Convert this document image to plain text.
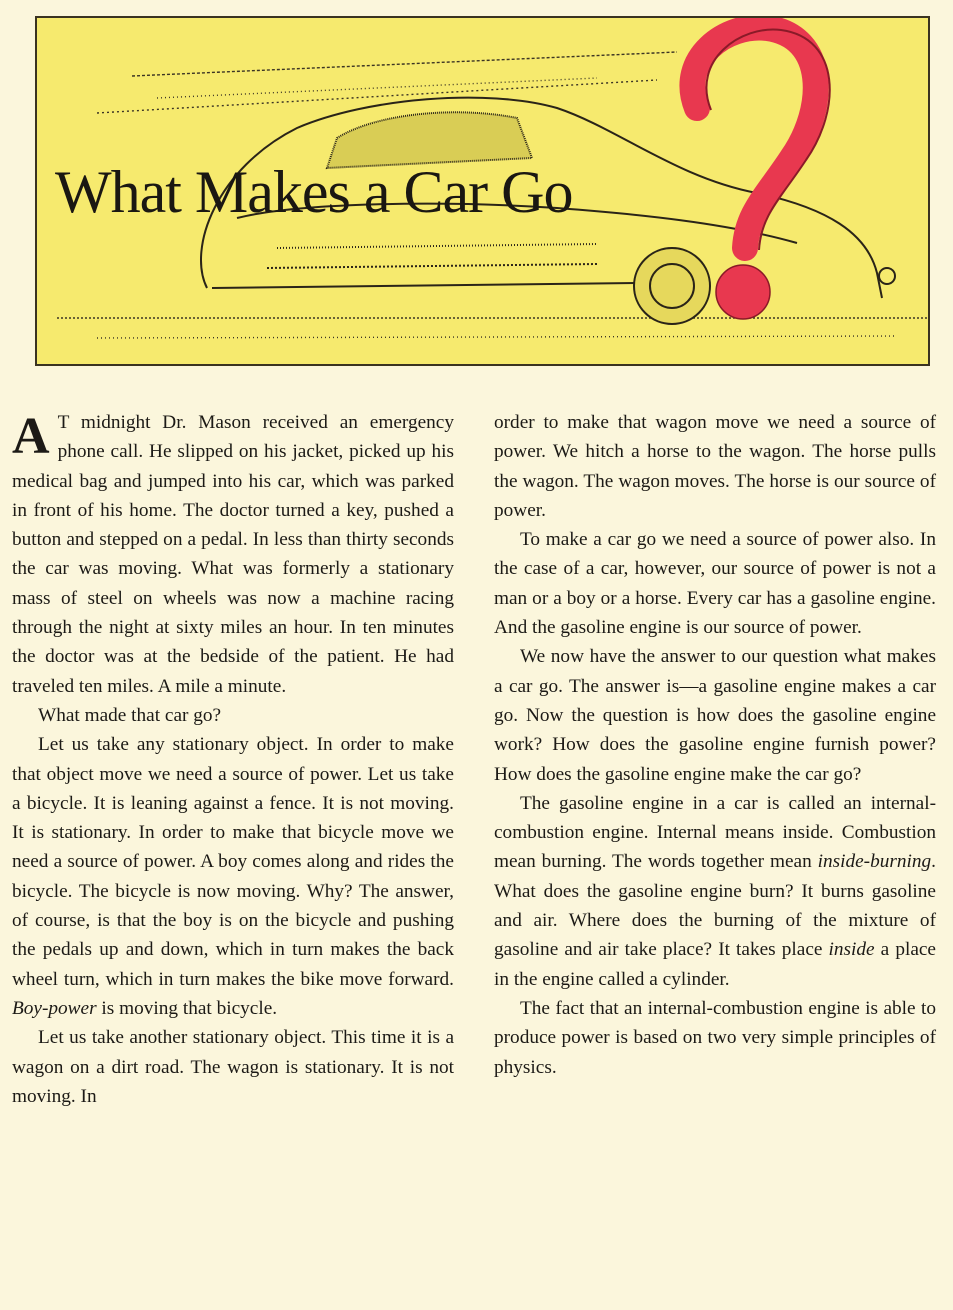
What Makes a Car Go

A T midnight Dr. Mason received an emergency phone call. He slipped on his jacket, picked up his medical bag and jumped into his car, which was parked in front of his home. The doctor turned a key, pushed a button and stepped on a pedal. In less than thirty seconds the car was moving. What was formerly a stationary mass of steel on wheels was now a machine racing through the night at sixty miles an hour. In ten minutes the doctor was at the bedside of the patient. He had traveled ten miles. A mile a minute.

What made that car go?

Let us take any stationary object. In order to make that object move we need a source of power. Let us take a bicycle. It is leaning against a fence. It is not moving. It is stationary. In order to make that bicycle move we need a source of power. A boy comes along and rides the bicycle. The bicycle is now moving. Why? The answer, of course, is that the boy is on the bicycle and pushing the pedals up and down, which in turn makes the back wheel turn, which in turn makes the bike move forward. Boy-power is moving that bicycle.

Let us take another stationary object. This time it is a wagon on a dirt road. The wagon is stationary. It is not moving. In

order to make that wagon move we need a source of power. We hitch a horse to the wagon. The horse pulls the wagon. The wagon moves. The horse is our source of power.

To make a car go we need a source of power also. In the case of a car, however, our source of power is not a man or a boy or a horse. Every car has a gasoline engine. And the gasoline engine is our source of power.

We now have the answer to our question what makes a car go. The answer is—a gasoline engine makes a car go. Now the question is how does the gasoline engine work? How does the gasoline engine furnish power? How does the gasoline engine make the car go?

The gasoline engine in a car is called an internal-combustion engine. Internal means inside. Combustion mean burning. The words together mean inside-burning. What does the gasoline engine burn? It burns gasoline and air. Where does the burning of the mixture of gasoline and air take place? It takes place inside a place in the engine called a cylinder.

The fact that an internal-combustion engine is able to produce power is based on two very simple principles of physics.
